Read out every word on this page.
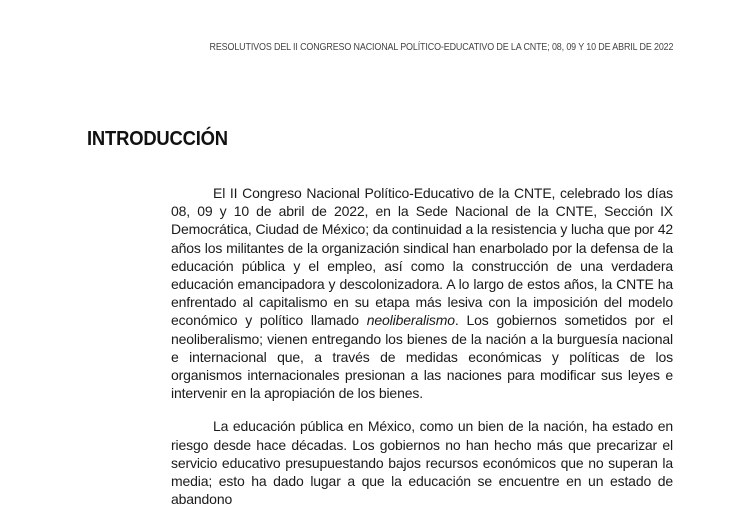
RESOLUTIVOS DEL II CONGRESO NACIONAL POLÍTICO-EDUCATIVO DE LA CNTE; 08, 09 Y 10 DE ABRIL DE 2022
INTRODUCCIÓN

El II Congreso Nacional Político-Educativo de la CNTE, celebrado los días 08, 09 y 10 de abril de 2022, en la Sede Nacional de la CNTE, Sección IX Democrática, Ciudad de México; da continuidad a la resistencia y lucha que por 42 años los militantes de la organización sindical han enarbolado por la defensa de la educación pública y el empleo, así como la construcción de una verdadera educación emancipadora y descolonizadora. A lo largo de estos años, la CNTE ha enfrentado al capitalismo en su etapa más lesiva con la imposición del modelo económico y político llamado neoliberalismo. Los gobiernos sometidos por el neoliberalismo; vienen entregando los bienes de la nación a la burguesía nacional e internacional que, a través de medidas económicas y políticas de los organismos internacionales presionan a las naciones para modificar sus leyes e intervenir en la apropiación de los bienes.

La educación pública en México, como un bien de la nación, ha estado en riesgo desde hace décadas. Los gobiernos no han hecho más que precarizar el servicio educativo presupuestando bajos recursos económicos que no superan la media; esto ha dado lugar a que la educación se encuentre en un estado de abandono
